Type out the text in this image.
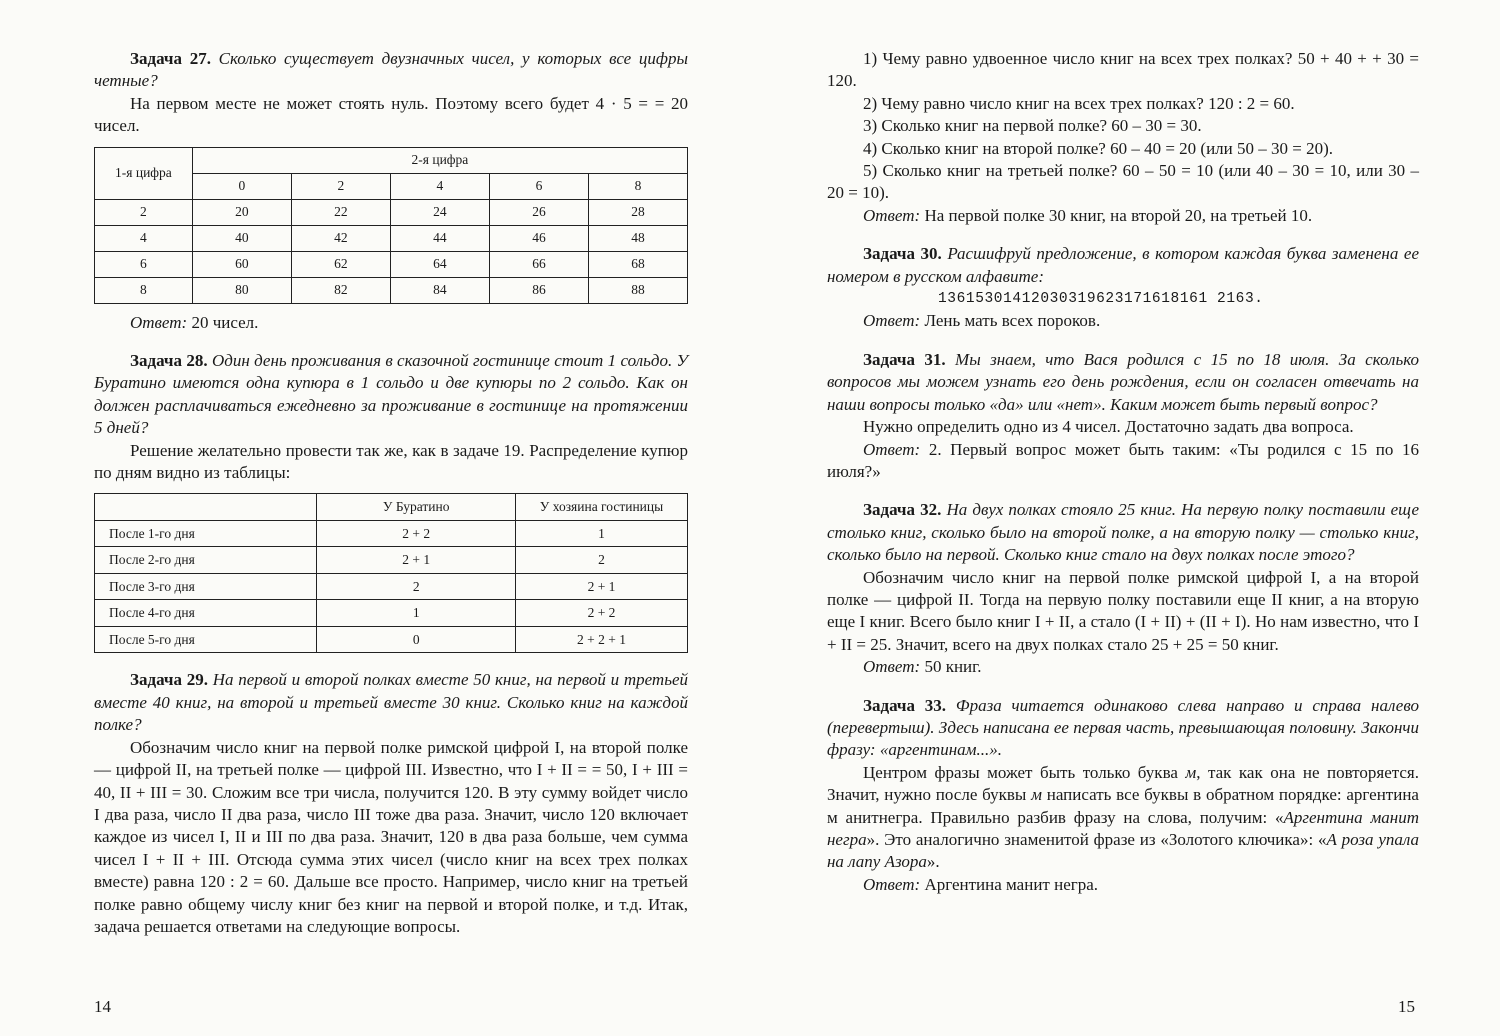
Задача 27. Сколько существует двузначных чисел, у которых все цифры четные?

На первом месте не может стоять нуль. Поэтому всего будет 4 · 5 = = 20 чисел.

1-я цифра	2-я цифра				
	0	2	4	6	8
2	20	22	24	26	28
4	40	42	44	46	48
6	60	62	64	66	68
8	80	82	84	86	88

Ответ: 20 чисел.

Задача 28. Один день проживания в сказочной гостинице стоит 1 сольдо. У Буратино имеются одна купюра в 1 сольдо и две купюры по 2 сольдо. Как он должен расплачиваться ежедневно за проживание в гостинице на протяжении 5 дней?

Решение желательно провести так же, как в задаче 19. Распределение купюр по дням видно из таблицы:

	У Буратино	У хозяина гостиницы
После 1-го дня	2 + 2	1
После 2-го дня	2 + 1	2
После 3-го дня	2	2 + 1
После 4-го дня	1	2 + 2
После 5-го дня	0	2 + 2 + 1

Задача 29. На первой и второй полках вместе 50 книг, на первой и третьей вместе 40 книг, на второй и третьей вместе 30 книг. Сколько книг на каждой полке?

Обозначим число книг на первой полке римской цифрой I, на второй полке — цифрой II, на третьей полке — цифрой III. Известно, что I + II = = 50, I + III = 40, II + III = 30. Сложим все три числа, получится 120. В эту сумму войдет число I два раза, число II два раза, число III тоже два раза. Значит, число 120 включает каждое из чисел I, II и III по два раза. Значит, 120 в два раза больше, чем сумма чисел I + II + III. Отсюда сумма этих чисел (число книг на всех трех полках вместе) равна 120 : 2 = 60. Дальше все просто. Например, число книг на третьей полке равно общему числу книг без книг на первой и второй полке, и т.д. Итак, задача решается ответами на следующие вопросы.

14

1) Чему равно удвоенное число книг на всех трех полках? 50 + 40 + + 30 = 120.

2) Чему равно число книг на всех трех полках? 120 : 2 = 60.

3) Сколько книг на первой полке? 60 – 30 = 30.

4) Сколько книг на второй полке? 60 – 40 = 20 (или 50 – 30 = 20).

5) Сколько книг на третьей полке? 60 – 50 = 10 (или 40 – 30 = 10, или 30 – 20 = 10).

Ответ: На первой полке 30 книг, на второй 20, на третьей 10.

Задача 30. Расшифруй предложение, в котором каждая буква заменена ее номером в русском алфавите:

13615301412030319623171618161 2163.

Ответ: Лень мать всех пороков.

Задача 31. Мы знаем, что Вася родился с 15 по 18 июля. За сколько вопросов мы можем узнать его день рождения, если он согласен отвечать на наши вопросы только «да» или «нет». Каким может быть первый вопрос?

Нужно определить одно из 4 чисел. Достаточно задать два вопроса.

Ответ: 2. Первый вопрос может быть таким: «Ты родился с 15 по 16 июля?»

Задача 32. На двух полках стояло 25 книг. На первую полку поставили еще столько книг, сколько было на второй полке, а на вторую полку — столько книг, сколько было на первой. Сколько книг стало на двух полках после этого?

Обозначим число книг на первой полке римской цифрой I, а на второй полке — цифрой II. Тогда на первую полку поставили еще II книг, а на вторую еще I книг. Всего было книг I + II, а стало (I + II) + (II + I). Но нам известно, что I + II = 25. Значит, всего на двух полках стало 25 + 25 = 50 книг.

Ответ: 50 книг.

Задача 33. Фраза читается одинаково слева направо и справа налево (перевертыш). Здесь написана ее первая часть, превышающая половину. Закончи фразу: «аргентинам...».

Центром фразы может быть только буква м, так как она не повторяется. Значит, нужно после буквы м написать все буквы в обратном порядке: аргентина м анитнегра. Правильно разбив фразу на слова, получим: «Аргентина манит негра». Это аналогично знаменитой фразе из «Золотого ключика»: «А роза упала на лапу Азора».

Ответ: Аргентина манит негра.

15
